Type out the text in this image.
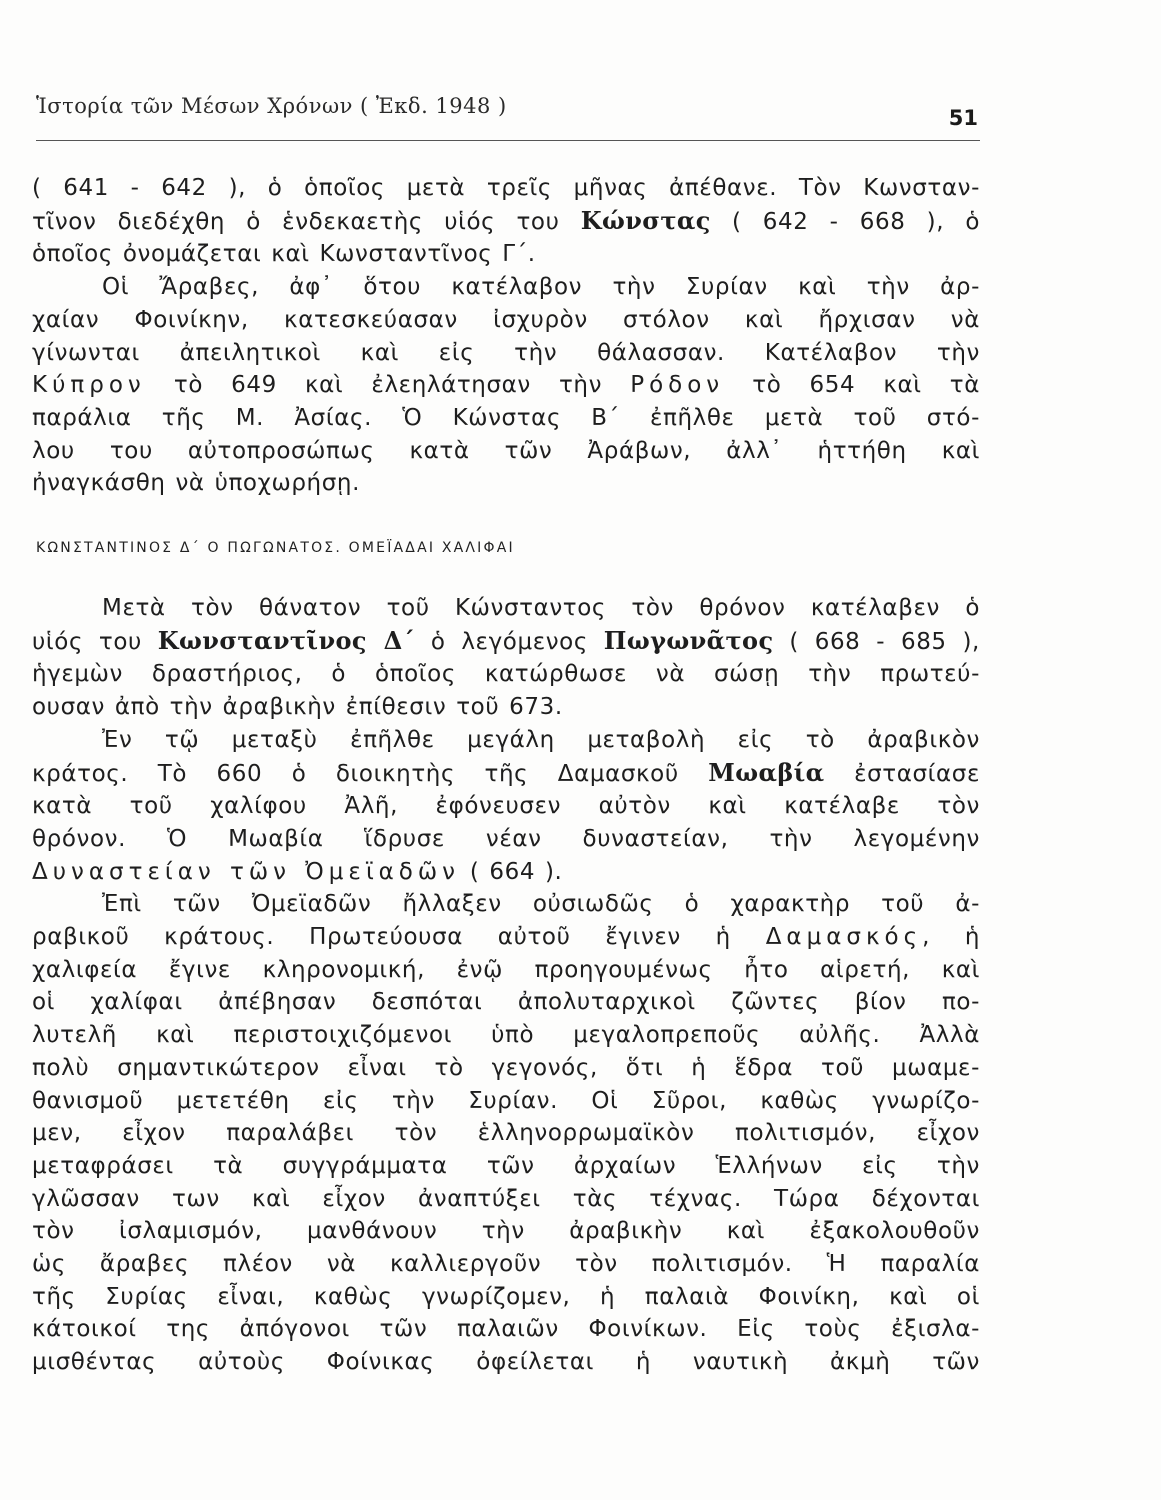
Ἱστορία τῶν Μέσων Χρόνων ( Ἐκδ. 1948 )	51
( 641 - 642 ), ὁ ὁποῖος μετὰ τρεῖς μῆνας ἀπέθανε. Τὸν Κωνσταν-
τῖνον διεδέχθη ὁ ἑνδεκαετὴς υἱός του Κώνστας ( 642 - 668 ), ὁ
ὁποῖος ὀνομάζεται καὶ Κωνσταντῖνος Γ΄.
Οἱ Ἄραβες, ἀφ᾽ ὅτου κατέλαβον τὴν Συρίαν καὶ τὴν ἀρ-
χαίαν Φοινίκην, κατεσκεύασαν ἰσχυρὸν στόλον καὶ ἤρχισαν νὰ
γίνωνται ἀπειλητικοὶ καὶ εἰς τὴν θάλασσαν. Κατέλαβον τὴν
Κύπρον τὸ 649 καὶ ἐλεηλάτησαν τὴν Ρόδον τὸ 654 καὶ τὰ
παράλια τῆς Μ. Ἀσίας. Ὁ Κώνστας Β΄ ἐπῆλθε μετὰ τοῦ στό-
λου του αὐτοπροσώπως κατὰ τῶν Ἀράβων, ἀλλ᾽ ἡττήθη καὶ
ἠναγκάσθη νὰ ὑποχωρήσῃ.
ΚΩΝΣΤΑΝΤΙΝΟΣ Δ΄ Ο ΠΩΓΩΝΑΤΟΣ. ΟΜΕΪΑΔΑΙ ΧΑΛΙΦΑΙ
Μετὰ τὸν θάνατον τοῦ Κώνσταντος τὸν θρόνον κατέλαβεν ὁ
υἱός του Κωνσταντῖνος Δ΄ ὁ λεγόμενος Πωγωνᾶτος ( 668 - 685 ),
ἡγεμὼν δραστήριος, ὁ ὁποῖος κατώρθωσε νὰ σώσῃ τὴν πρωτεύ-
ουσαν ἀπὸ τὴν ἀραβικὴν ἐπίθεσιν τοῦ 673.
Ἐν τῷ μεταξὺ ἐπῆλθε μεγάλη μεταβολὴ εἰς τὸ ἀραβικὸν
κράτος. Τὸ 660 ὁ διοικητὴς τῆς Δαμασκοῦ Μωαβία ἐστασίασε
κατὰ τοῦ χαλίφου Ἀλῆ, ἐφόνευσεν αὐτὸν καὶ κατέλαβε τὸν
θρόνον. Ὁ Μωαβία ἵδρυσε νέαν δυναστείαν, τὴν λεγομένην
Δυναστείαν τῶν Ὀμεϊαδῶν ( 664 ).
Ἐπὶ τῶν Ὀμεϊαδῶν ἤλλαξεν οὐσιωδῶς ὁ χαρακτὴρ τοῦ ἀ-
ραβικοῦ κράτους. Πρωτεύουσα αὐτοῦ ἔγινεν ἡ Δαμασκός, ἡ
χαλιφεία ἔγινε κληρονομική, ἐνῷ προηγουμένως ἦτο αἱρετή, καὶ
οἱ χαλίφαι ἀπέβησαν δεσπόται ἀπολυταρχικοὶ ζῶντες βίον πο-
λυτελῆ καὶ περιστοιχιζόμενοι ὑπὸ μεγαλοπρεποῦς αὐλῆς. Ἀλλὰ
πολὺ σημαντικώτερον εἶναι τὸ γεγονός, ὅτι ἡ ἕδρα τοῦ μωαμε-
θανισμοῦ μετετέθη εἰς τὴν Συρίαν. Οἱ Σῦροι, καθὼς γνωρίζο-
μεν, εἶχον παραλάβει τὸν ἑλληνορρωμαϊκὸν πολιτισμόν, εἶχον
μεταφράσει τὰ συγγράμματα τῶν ἀρχαίων Ἑλλήνων εἰς τὴν
γλῶσσαν των καὶ εἶχον ἀναπτύξει τὰς τέχνας. Τώρα δέχονται
τὸν ἰσλαμισμόν, μανθάνουν τὴν ἀραβικὴν καὶ ἐξακολουθοῦν
ὡς ἄραβες πλέον νὰ καλλιεργοῦν τὸν πολιτισμόν. Ἡ παραλία
τῆς Συρίας εἶναι, καθὼς γνωρίζομεν, ἡ παλαιὰ Φοινίκη, καὶ οἱ
κάτοικοί της ἀπόγονοι τῶν παλαιῶν Φοινίκων. Εἰς τοὺς ἐξισλα-
μισθέντας αὐτοὺς Φοίνικας ὀφείλεται ἡ ναυτικὴ ἀκμὴ τῶν
